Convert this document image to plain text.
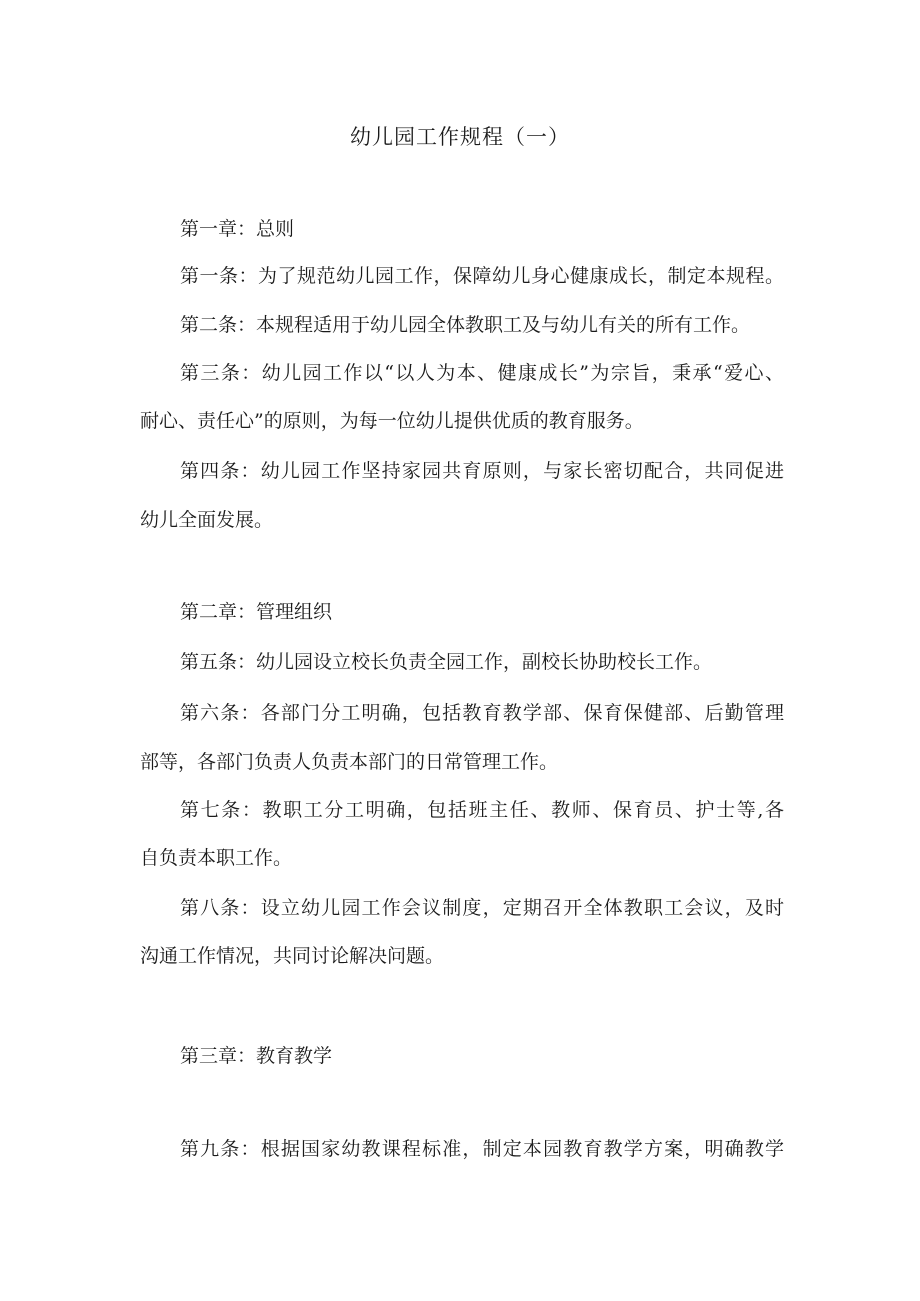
幼儿园工作规程（一）
第一章：总则
第一条：为了规范幼儿园工作，保障幼儿身心健康成长，制定本规程。
第二条：本规程适用于幼儿园全体教职工及与幼儿有关的所有工作。
第三条：幼儿园工作以“以人为本、健康成长”为宗旨，秉承“爱心、
耐心、责任心”的原则，为每一位幼儿提供优质的教育服务。
第四条：幼儿园工作坚持家园共育原则，与家长密切配合，共同促进
幼儿全面发展。
第二章：管理组织
第五条：幼儿园设立校长负责全园工作，副校长协助校长工作。
第六条：各部门分工明确，包括教育教学部、保育保健部、后勤管理
部等，各部门负责人负责本部门的日常管理工作。
第七条：教职工分工明确，包括班主任、教师、保育员、护士等,各
自负责本职工作。
第八条：设立幼儿园工作会议制度，定期召开全体教职工会议，及时
沟通工作情况，共同讨论解决问题。
第三章：教育教学
第九条：根据国家幼教课程标准，制定本园教育教学方案，明确教学
